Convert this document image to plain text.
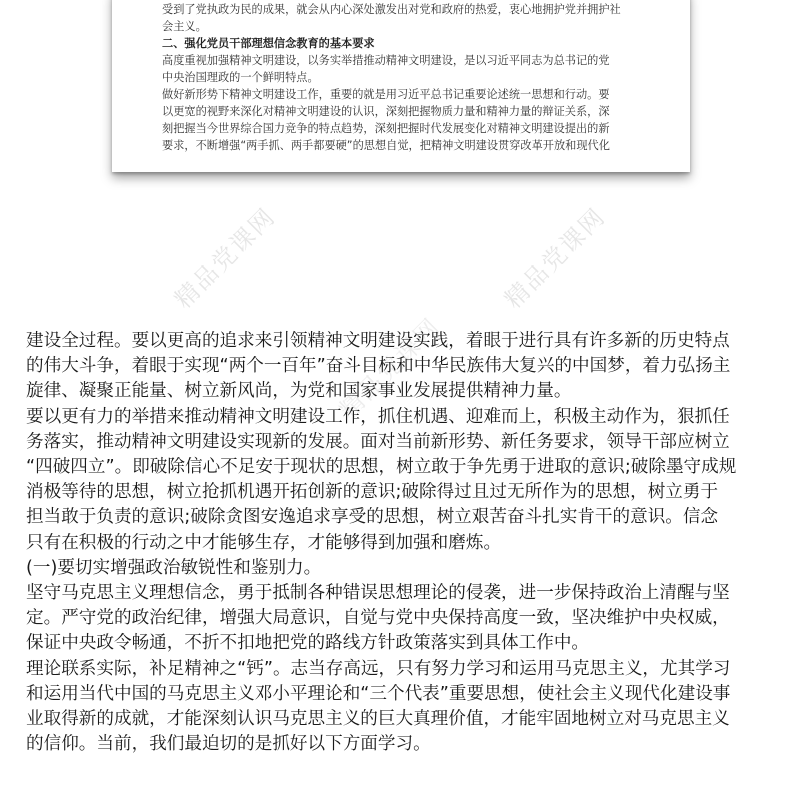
受到了党执政为民的成果，就会从内心深处激发出对党和政府的热爱，衷心地拥护党并拥护社
会主义。
二、强化党员干部理想信念教育的基本要求
高度重视加强精神文明建设，以务实举措推动精神文明建设，是以习近平同志为总书记的党
中央治国理政的一个鲜明特点。
做好新形势下精神文明建设工作，重要的就是用习近平总书记重要论述统一思想和行动。要
以更宽的视野来深化对精神文明建设的认识，深刻把握物质力量和精神力量的辩证关系，深
刻把握当今世界综合国力竞争的特点趋势，深刻把握时代发展变化对精神文明建设提出的新
要求，不断增强“两手抓、两手都要硬”的思想自觉，把精神文明建设贯穿改革开放和现代化
精品党课网	精品党课网
精品党课网
建设全过程。要以更高的追求来引领精神文明建设实践，着眼于进行具有许多新的历史特点
的伟大斗争，着眼于实现“两个一百年”奋斗目标和中华民族伟大复兴的中国梦，着力弘扬主
旋律、凝聚正能量、树立新风尚，为党和国家事业发展提供精神力量。
要以更有力的举措来推动精神文明建设工作，抓住机遇、迎难而上，积极主动作为，狠抓任
务落实，推动精神文明建设实现新的发展。面对当前新形势、新任务要求，领导干部应树立
“四破四立”。即破除信心不足安于现状的思想，树立敢于争先勇于进取的意识;破除墨守成规
消极等待的思想，树立抢抓机遇开拓创新的意识;破除得过且过无所作为的思想，树立勇于
担当敢于负责的意识;破除贪图安逸追求享受的思想，树立艰苦奋斗扎实肯干的意识。信念
只有在积极的行动之中才能够生存，才能够得到加强和磨炼。
(一)要切实增强政治敏锐性和鉴别力。
坚守马克思主义理想信念，勇于抵制各种错误思想理论的侵袭，进一步保持政治上清醒与坚
定。严守党的政治纪律，增强大局意识，自觉与党中央保持高度一致，坚决维护中央权威，
保证中央政令畅通，不折不扣地把党的路线方针政策落实到具体工作中。
理论联系实际，补足精神之“钙”。志当存高远，只有努力学习和运用马克思主义，尤其学习
和运用当代中国的马克思主义邓小平理论和“三个代表”重要思想，使社会主义现代化建设事
业取得新的成就，才能深刻认识马克思主义的巨大真理价值，才能牢固地树立对马克思主义
的信仰。当前，我们最迫切的是抓好以下方面学习。
